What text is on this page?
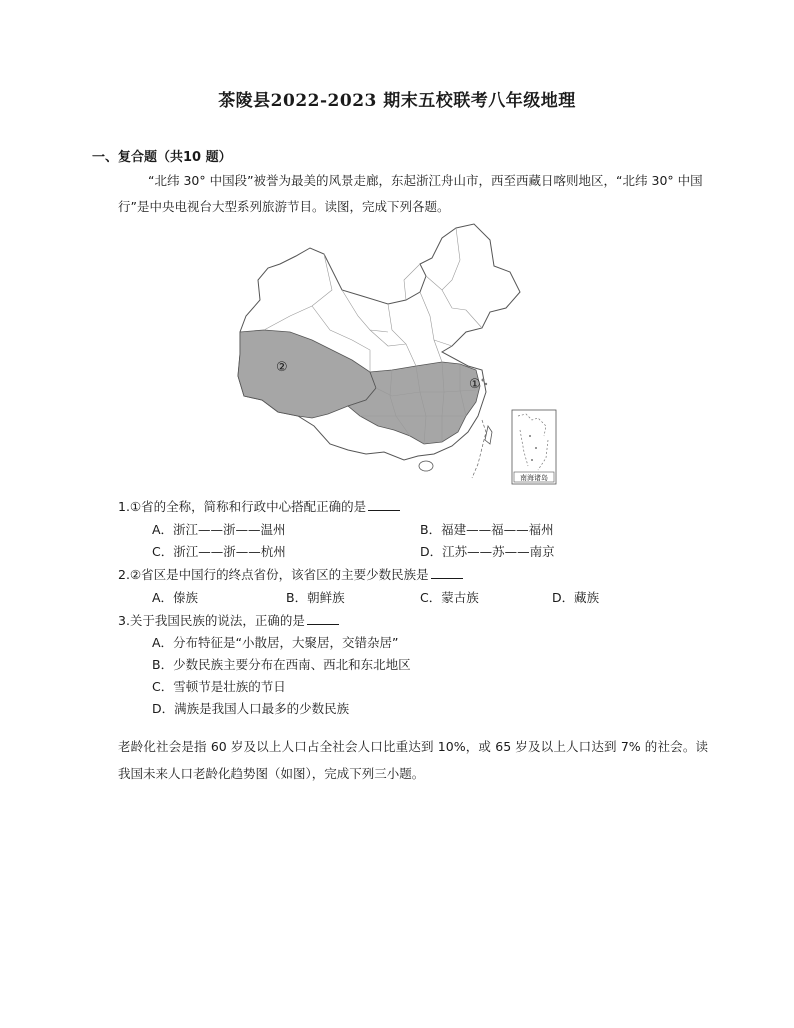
茶陵县2022-2023 期末五校联考八年级地理
一、复合题（共10 题）
“北纬 30° 中国段”被誉为最美的风景走廊，东起浙江舟山市，西至西藏日喀则地区，“北纬 30° 中国行”是中央电视台大型系列旅游节目。读图，完成下列各题。
②
①
南海诸岛
1.①省的全称，简称和行政中心搭配正确的是
A．浙江——浙——温州	B．福建——福——福州
C．浙江——浙——杭州	D．江苏——苏——南京
2.②省区是中国行的终点省份，该省区的主要少数民族是
A．傣族	B．朝鲜族	C．蒙古族	D．藏族
3.关于我国民族的说法，正确的是
A．分布特征是“小散居，大聚居，交错杂居”
B．少数民族主要分布在西南、西北和东北地区
C．雪顿节是壮族的节日
D．满族是我国人口最多的少数民族
老龄化社会是指 60 岁及以上人口占全社会人口比重达到 10%，或 65 岁及以上人口达到 7% 的社会。读我国未来人口老龄化趋势图（如图），完成下列三小题。
